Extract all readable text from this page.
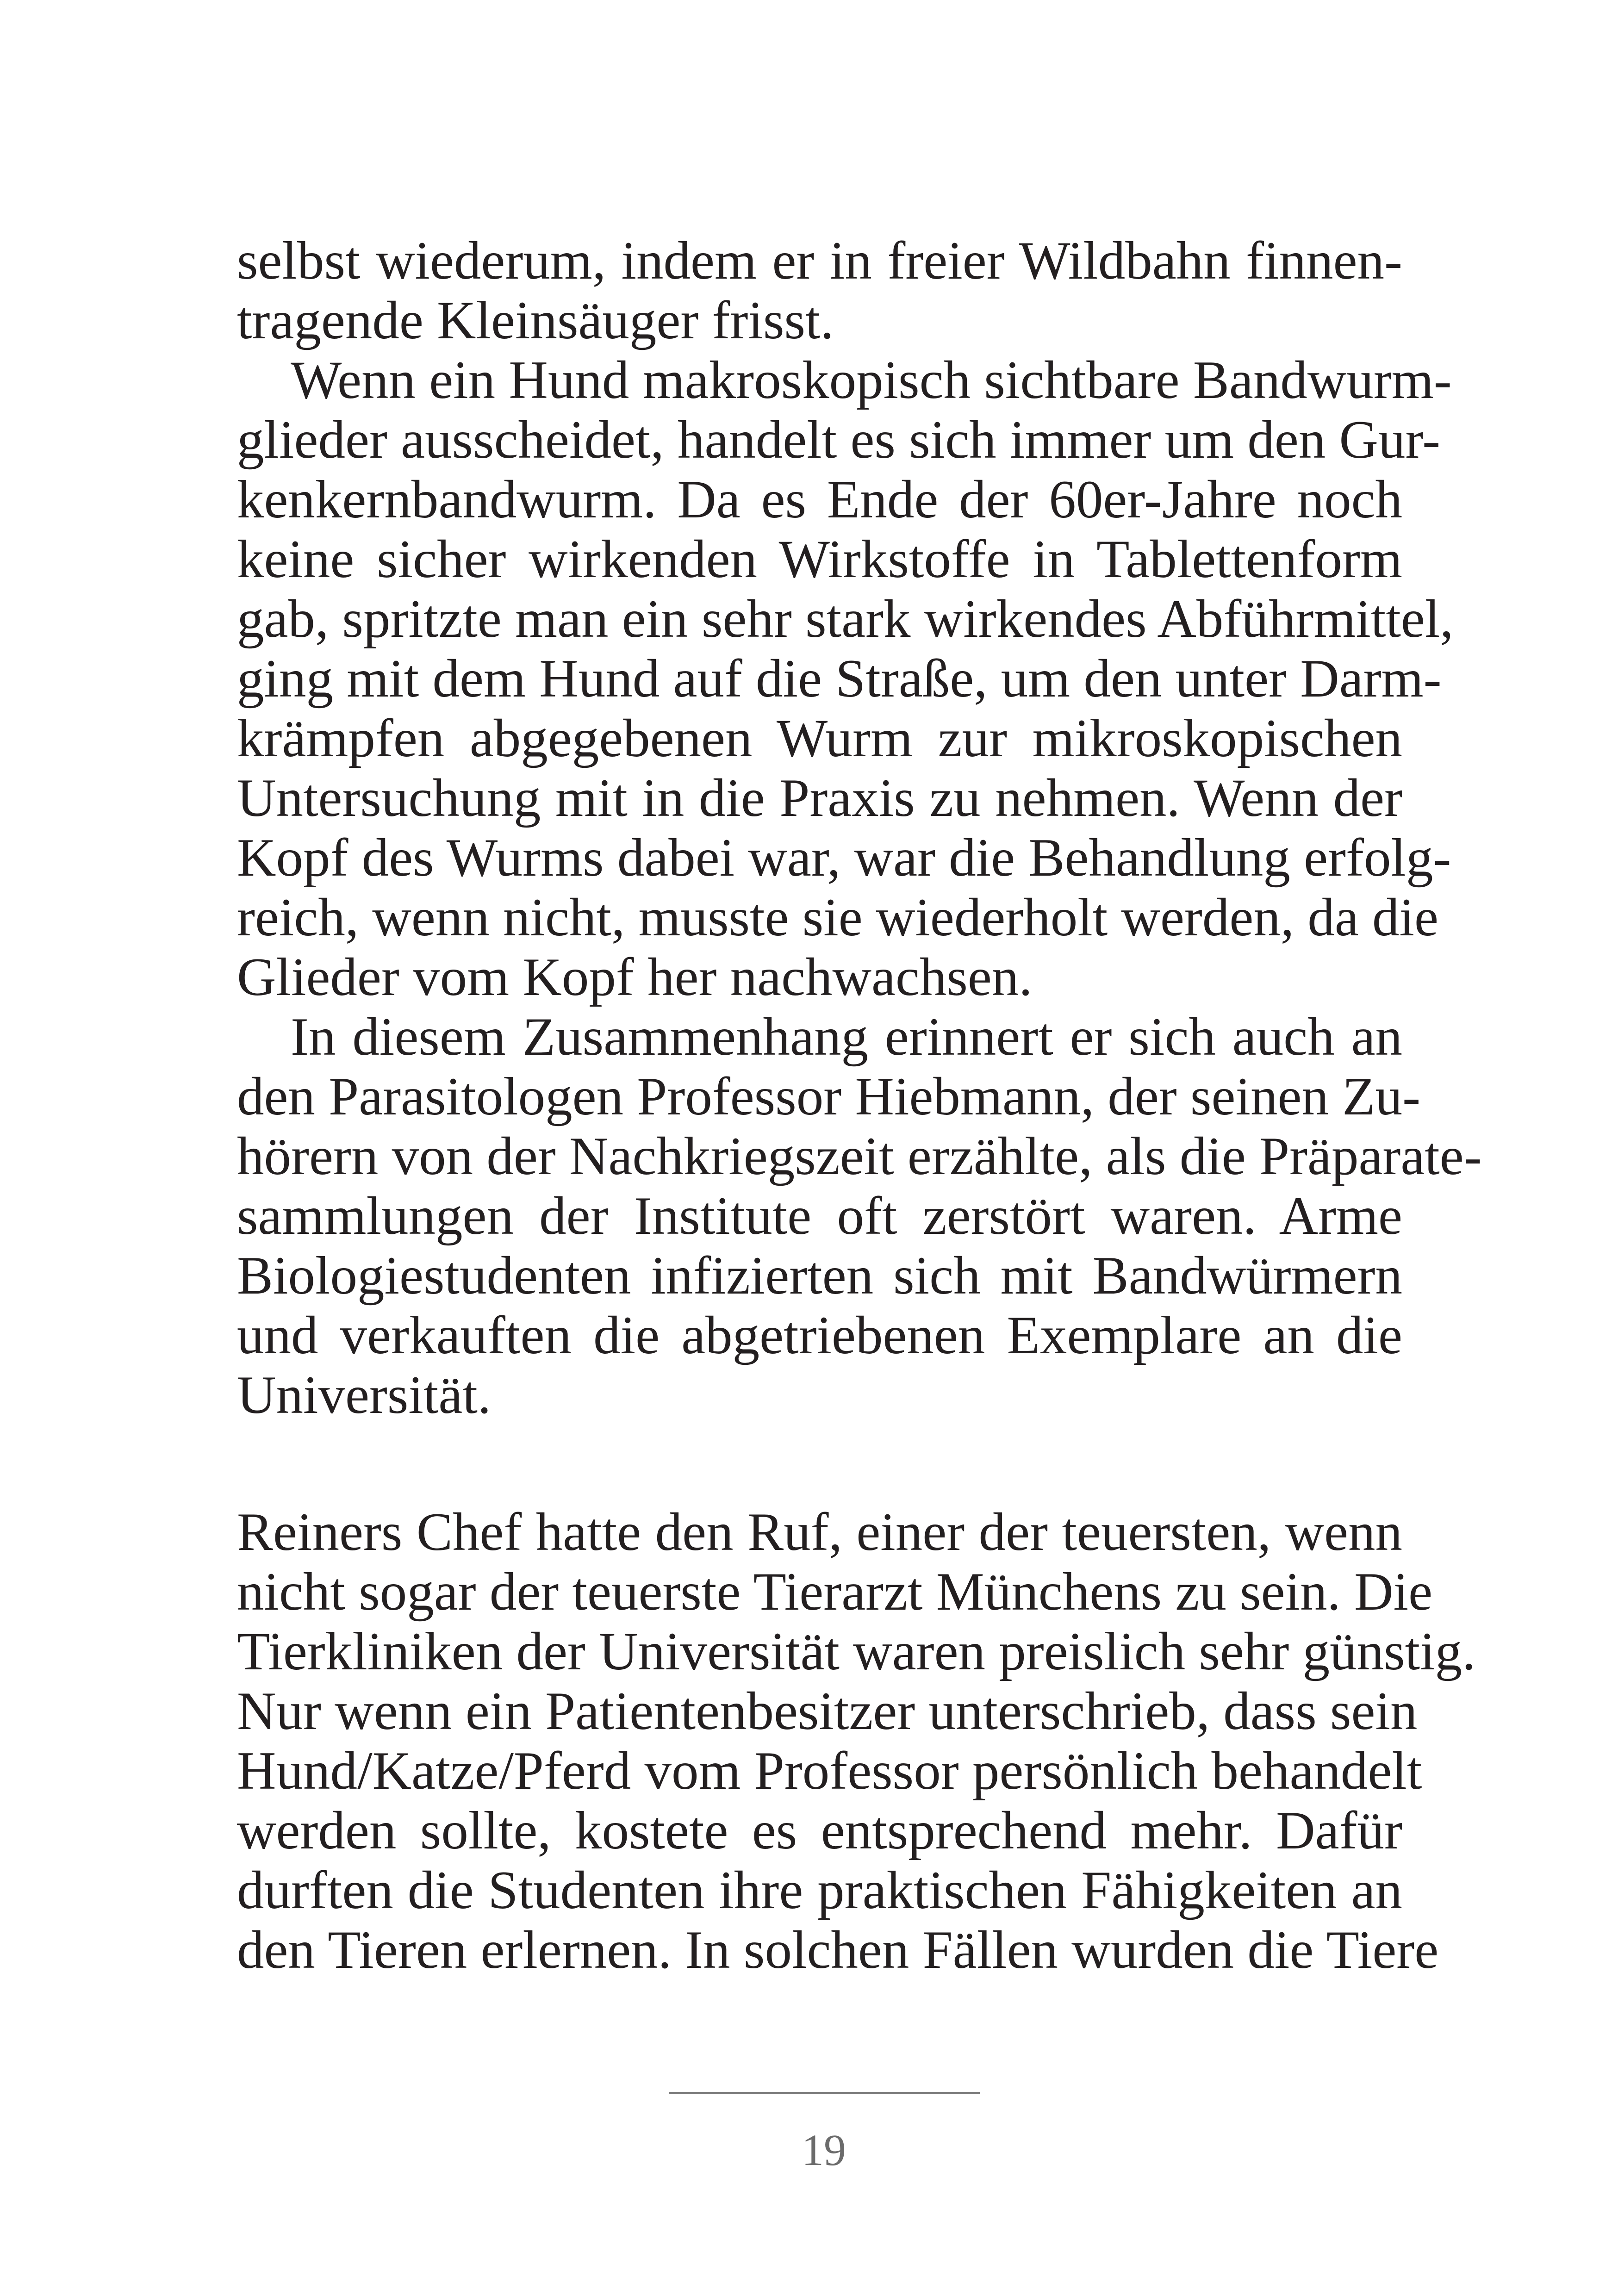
selbst wiederum, indem er in freier Wildbahn finnen-
tragende Kleinsäuger frisst.
Wenn ein Hund makroskopisch sichtbare Bandwurm-
glieder ausscheidet, handelt es sich immer um den Gur-
kenkernbandwurm. Da es Ende der 60er-Jahre noch
keine sicher wirkenden Wirkstoffe in Tablettenform
gab, spritzte man ein sehr stark wirkendes Abführmittel,
ging mit dem Hund auf die Straße, um den unter Darm-
krämpfen abgegebenen Wurm zur mikroskopischen
Untersuchung mit in die Praxis zu nehmen. Wenn der
Kopf des Wurms dabei war, war die Behandlung erfolg-
reich, wenn nicht, musste sie wiederholt werden, da die
Glieder vom Kopf her nachwachsen.
In diesem Zusammenhang erinnert er sich auch an
den Parasitologen Professor Hiebmann, der seinen Zu-
hörern von der Nachkriegszeit erzählte, als die Präparate-
sammlungen der Institute oft zerstört waren. Arme
Biologiestudenten infizierten sich mit Bandwürmern
und verkauften die abgetriebenen Exemplare an die
Universität.
Reiners Chef hatte den Ruf, einer der teuersten, wenn
nicht sogar der teuerste Tierarzt Münchens zu sein. Die
Tierkliniken der Universität waren preislich sehr günstig.
Nur wenn ein Patientenbesitzer unterschrieb, dass sein
Hund/Katze/Pferd vom Professor persönlich behandelt
werden sollte, kostete es entsprechend mehr. Dafür
durften die Studenten ihre praktischen Fähigkeiten an
den Tieren erlernen. In solchen Fällen wurden die Tiere
19
